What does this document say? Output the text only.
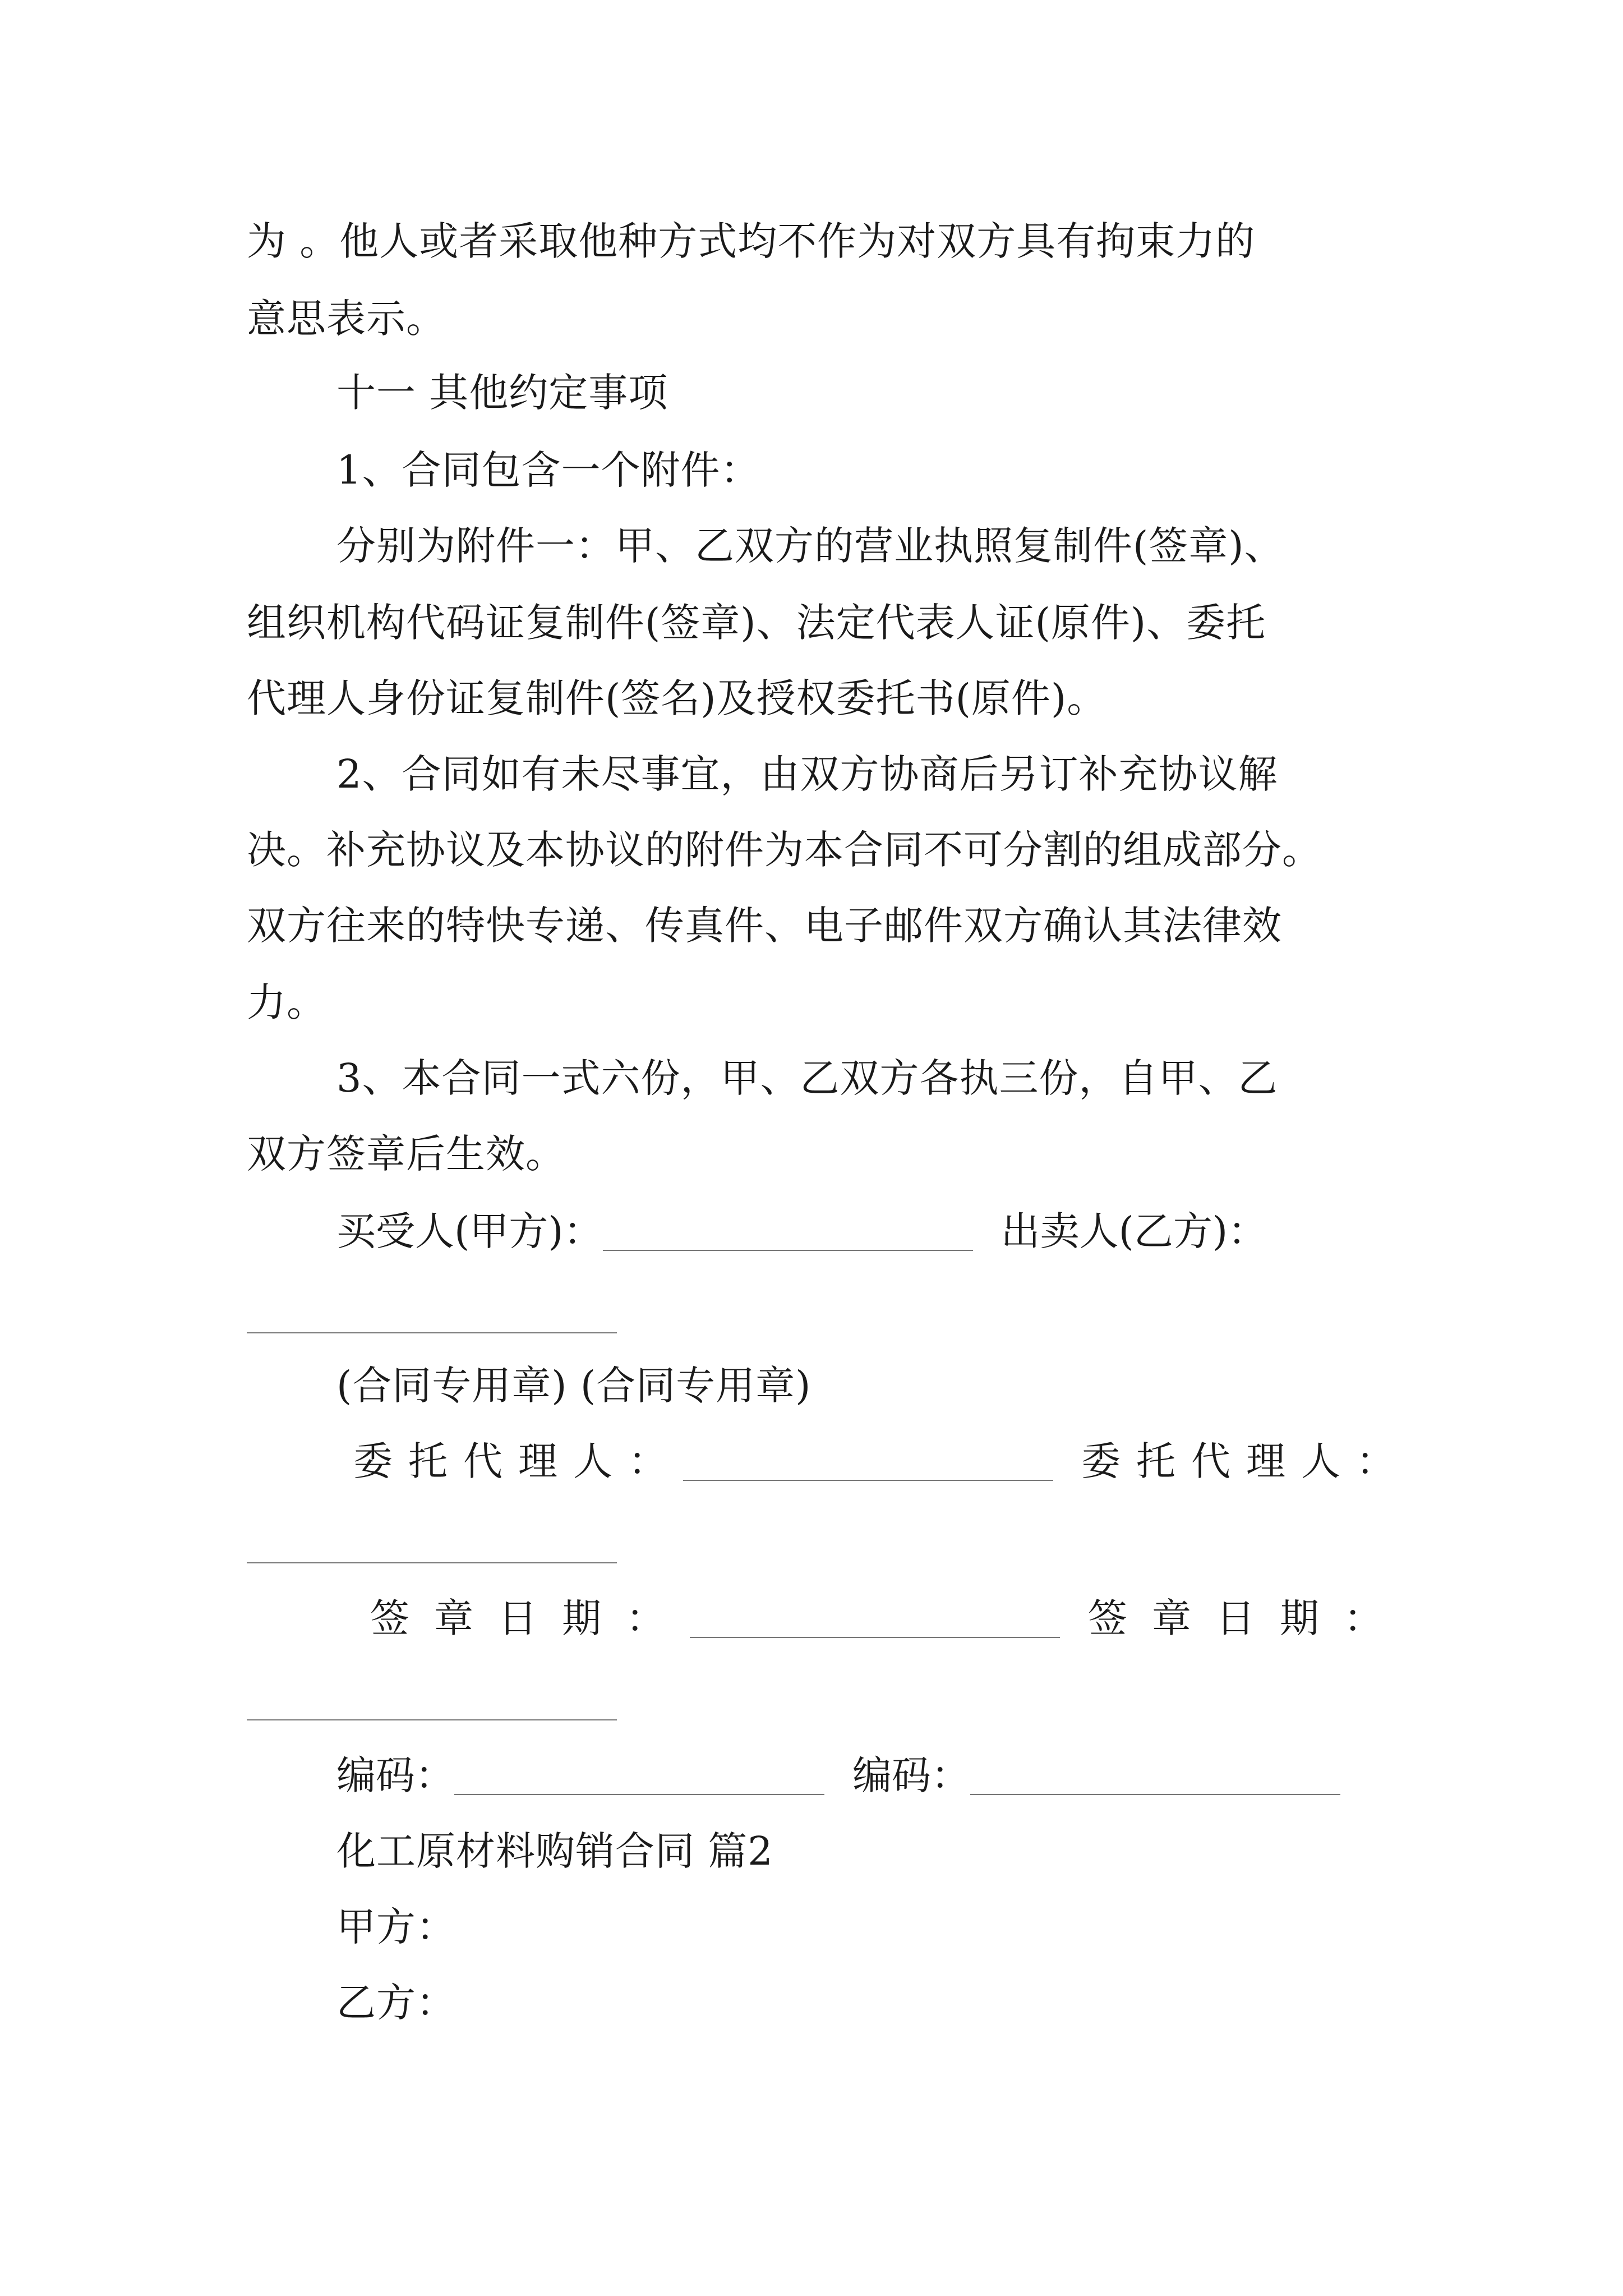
为 。他人或者采取他种方式均不作为对双方具有拘束力的
意思表示。
十一 其他约定事项
1、合同包含一个附件：
分别为附件一：甲、乙双方的营业执照复制件(签章)、
组织机构代码证复制件(签章)、法定代表人证(原件)、委托
代理人身份证复制件(签名)及授权委托书(原件)。
2、合同如有未尽事宜，由双方协商后另订补充协议解
决。补充协议及本协议的附件为本合同不可分割的组成部分。
双方往来的特快专递、传真件、电子邮件双方确认其法律效
力。
3、本合同一式六份，甲、乙双方各执三份，自甲、乙
双方签章后生效。
买受人(甲方)：	出卖人(乙方)：
(合同专用章) (合同专用章)
委托代理人：	委托代理人：
签章日期：	签章日期：
编码：	编码：
化工原材料购销合同 篇2
甲方：
乙方：
